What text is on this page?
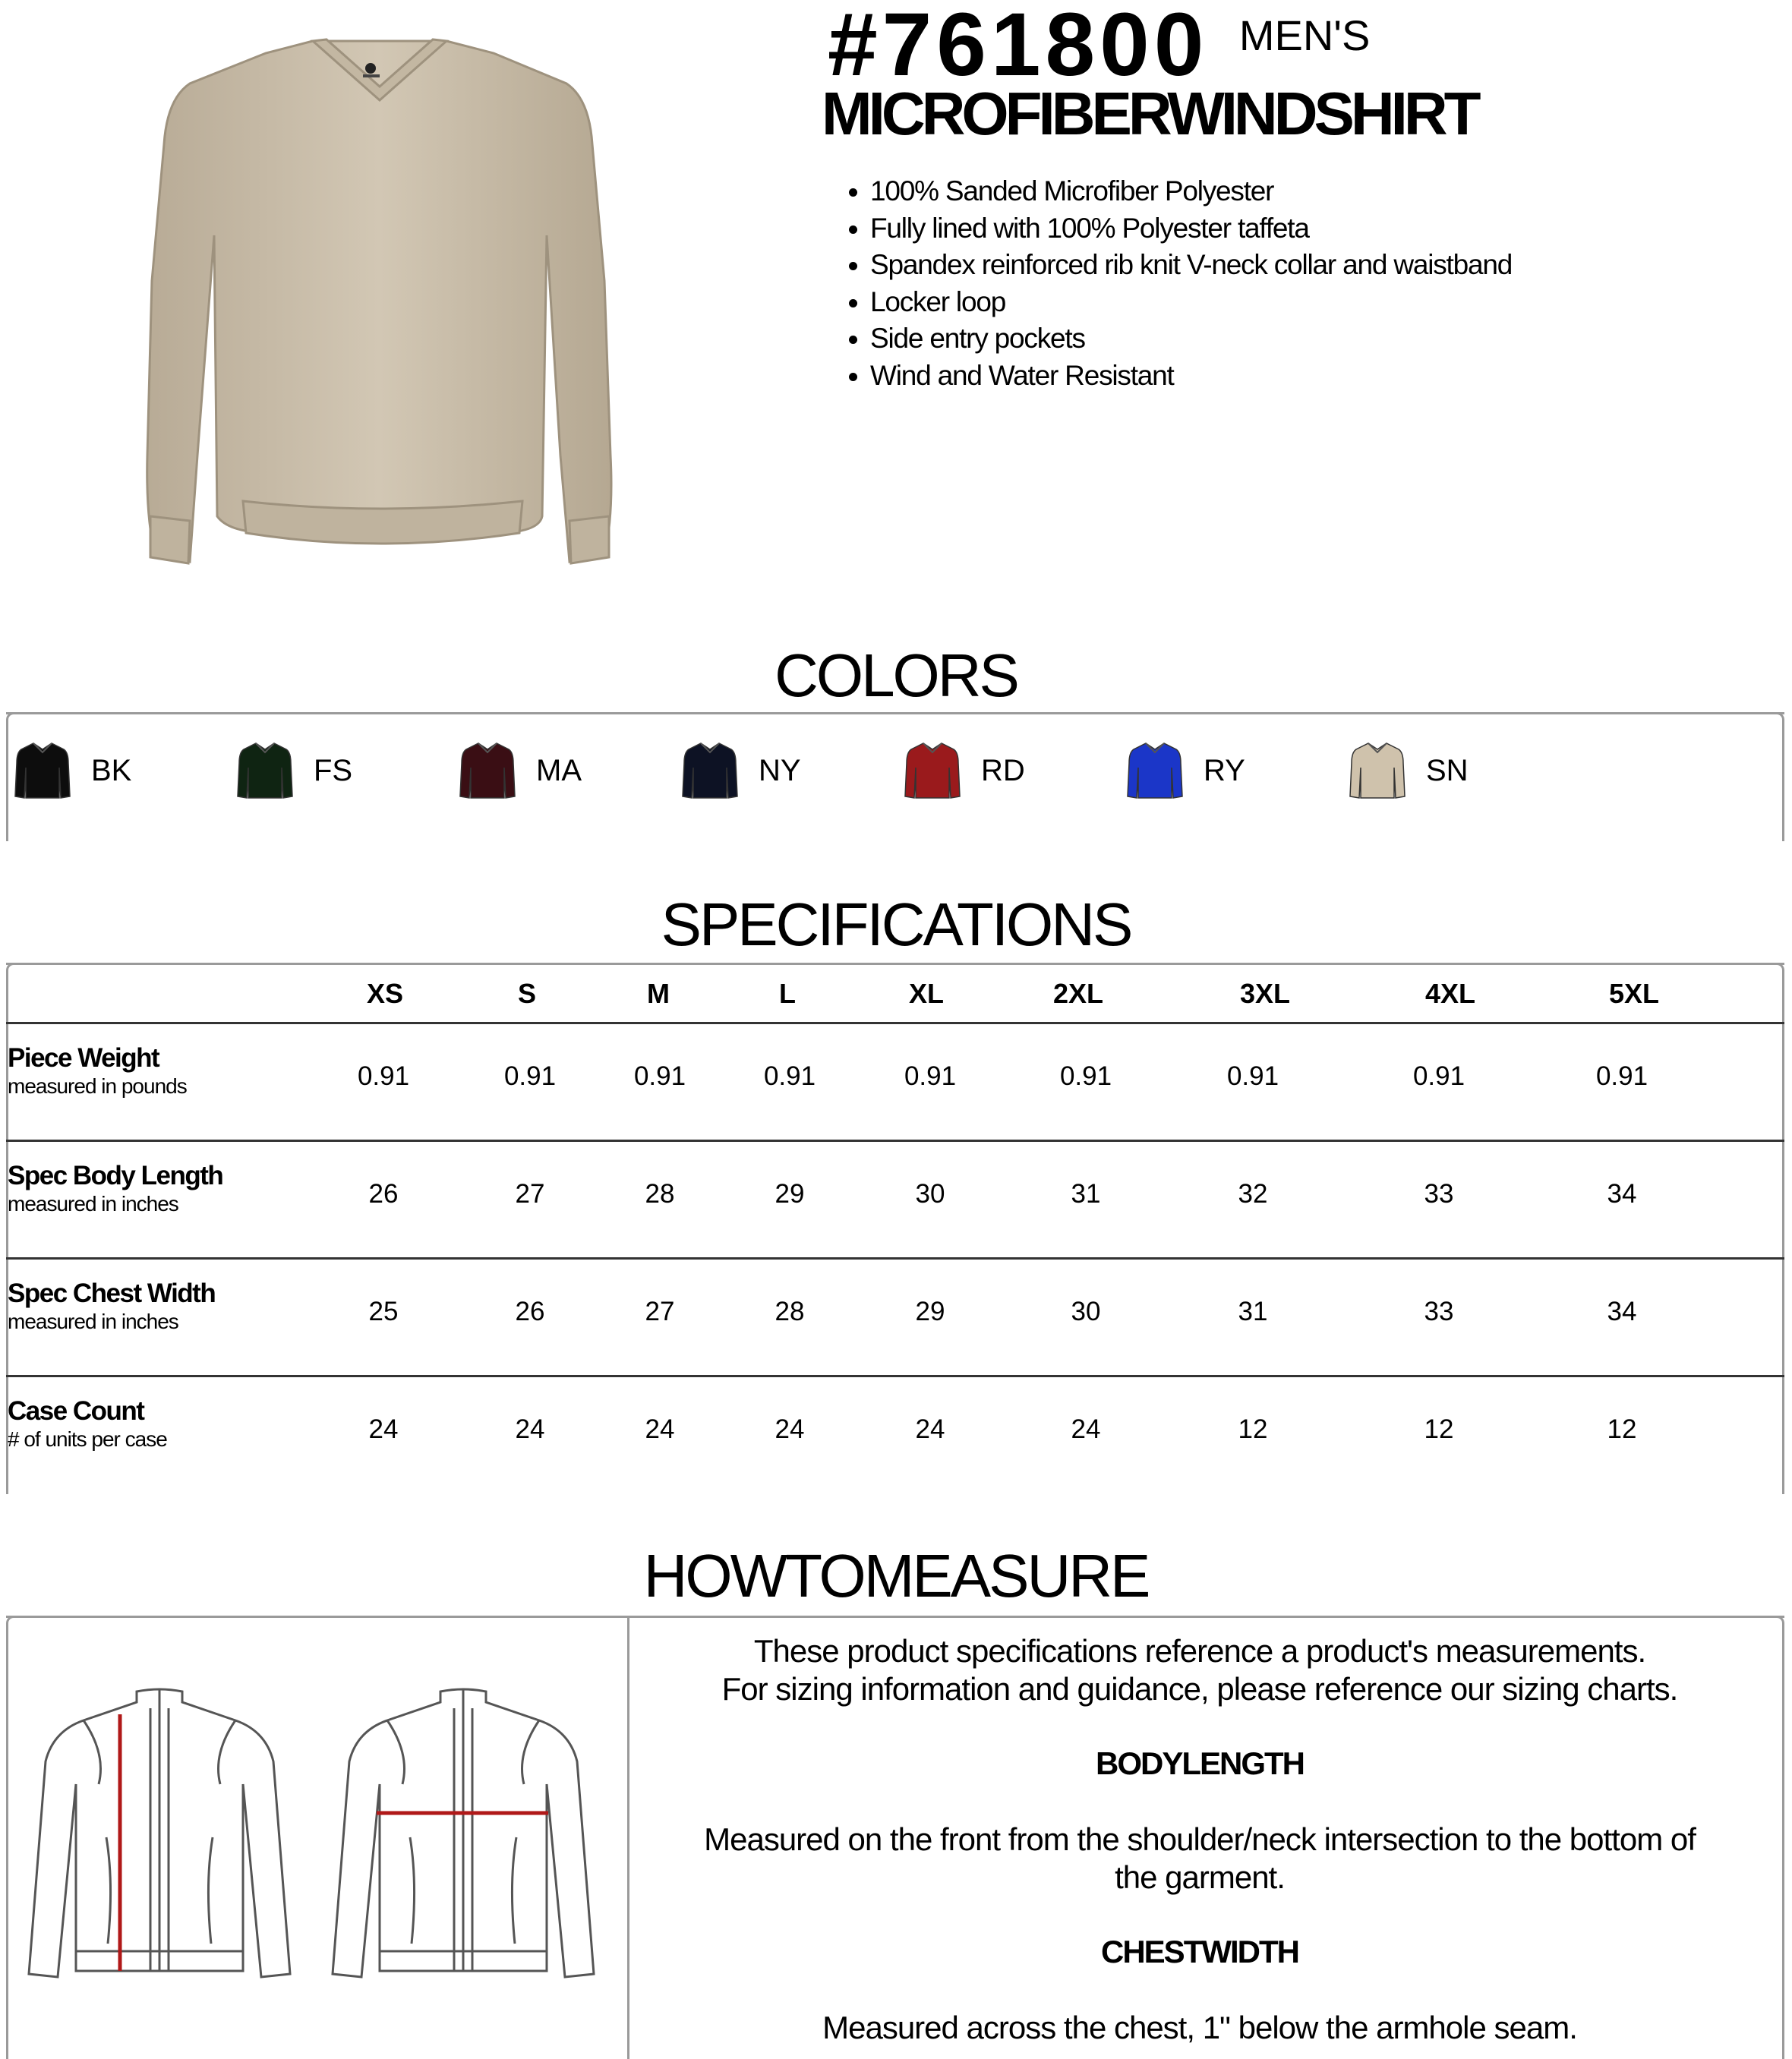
#761800 MEN'S
MICROFIBERWINDSHIRT
100% Sanded Microfiber Polyester
Fully lined with 100% Polyester taffeta
Spandex reinforced rib knit V-neck collar and waistband
Locker loop
Side entry pockets
Wind and Water Resistant
COLORS
BK	FS	MA	NY	RD	RY	SN
SPECIFICATIONS
XS	S	M	L	XL	2XL	3XL	4XL	5XL
Piece Weight
measured in pounds	0.91	0.91	0.91	0.91	0.91	0.91	0.91	0.91	0.91
Spec Body Length
measured in inches	26	27	28	29	30	31	32	33	34
Spec Chest Width
measured in inches	25	26	27	28	29	30	31	33	34
Case Count
# of units per case	24	24	24	24	24	24	12	12	12
HOWTOMEASURE
These product specifications reference a product's measurements.
For sizing information and guidance, please reference our sizing charts.
BODYLENGTH
Measured on the front from the shoulder/neck intersection to the bottom of
the garment.
CHESTWIDTH
Measured across the chest, 1" below the armhole seam.
